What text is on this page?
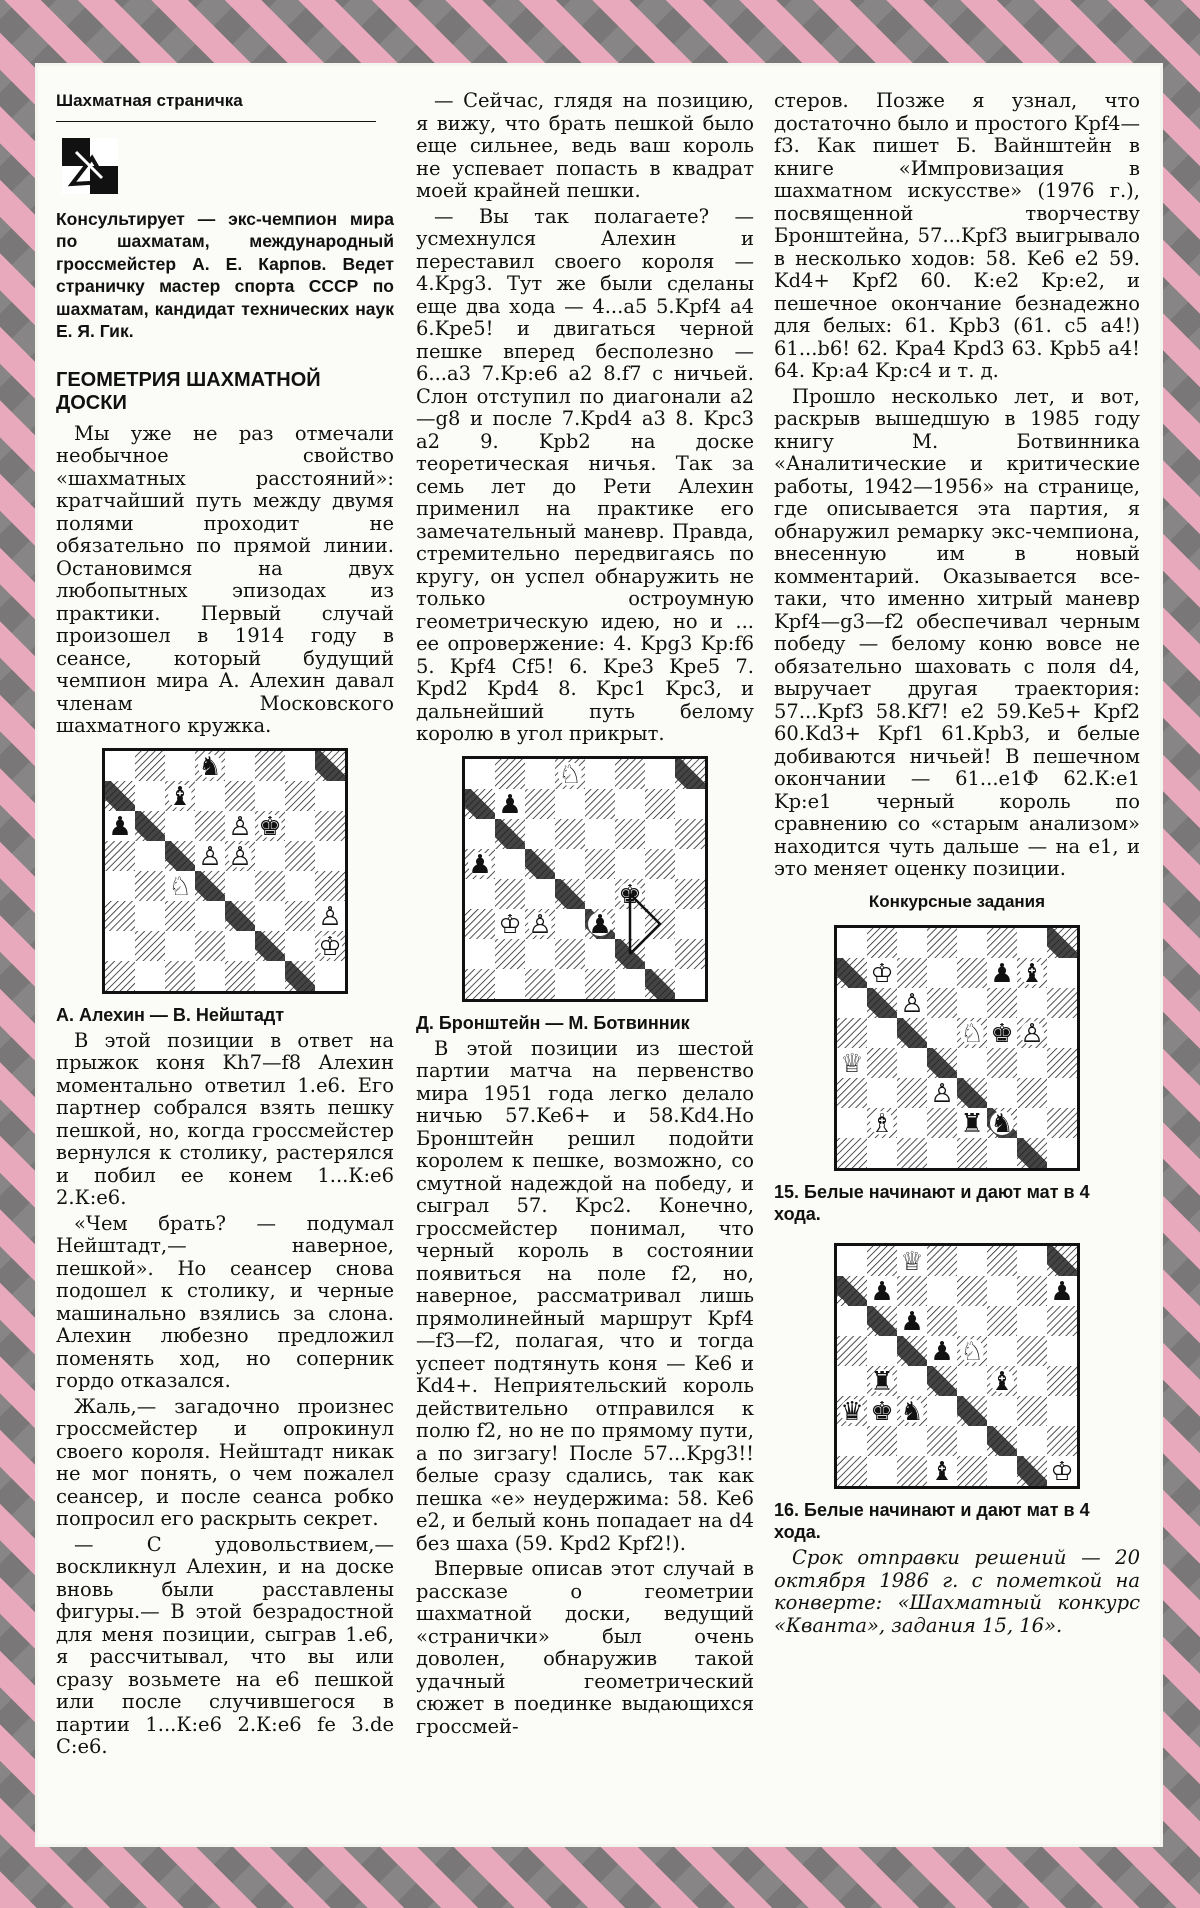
Шахматная страничка
Консультирует — экс-чемпион мира по шахматам, международный гроссмейстер А. Е. Карпов. Ведет страничку мастер спорта СССР по шахматам, кандидат технических наук Е. Я. Гик.
ГЕОМЕТРИЯ ШАХМАТНОЙ ДОСКИ

Мы уже не раз отмечали необычное свойство «шахматных расстояний»: кратчайший путь между двумя полями проходит не обязательно по прямой линии. Остановимся на двух любопытных эпизодах из практики. Первый случай произошел в 1914 году в сеансе, который будущий чемпион мира А. Алехин давал членам Московского шахматного кружка.

♞
♝
♙ ♚
♟
♙
♙
♘
♙
♔
А. Алехин — В. Нейштадт

В этой позиции в ответ на прыжок коня Kh7—f8 Алехин моментально ответил 1.e6. Его партнер собрался взять пешку пешкой, но, когда гроссмейстер вернулся к столику, растерялся и побил ее конем 1...К:е6 2.К:е6.

«Чем брать? — подумал Нейштадт,— наверное, пешкой». Но сеансер снова подошел к столику, и черные машинально взялись за слона. Алехин любезно предложил поменять ход, но соперник гордо отказался.

Жаль,— загадочно произнес гроссмейстер и опрокинул своего короля. Нейштадт никак не мог понять, о чем пожалел сеансер, и после сеанса робко попросил его раскрыть секрет.

— С удовольствием,— воскликнул Алехин, и на доске вновь были расставлены фигуры.— В этой безрадостной для меня позиции, сыграв 1.e6, я рассчитывал, что вы или сразу возьмете на e6 пешкой или после случившегося в партии 1...К:е6 2.К:е6 fe 3.de С:е6.

— Сейчас, глядя на позицию, я вижу, что брать пешкой было еще сильнее, ведь ваш король не успевает попасть в квадрат моей крайней пешки.

— Вы так полагаете? — усмехнулся Алехин и переставил своего короля — 4.Kpg3. Тут же были сделаны еще два хода — 4...a5 5.Kpf4 a4 6.Kpe5! и двигаться черной пешке вперед бесполезно — 6...a3 7.Kp:e6 a2 8.f7 с ничьей. Слон отступил по диагонали a2—g8 и после 7.Kpd4 a3 8. Kpc3 a2 9. Kpb2 на доске теоретическая ничья. Так за семь лет до Рети Алехин применил на практике его замечательный маневр. Правда, стремительно передвигаясь по кругу, он успел обнаружить не только остроумную геометрическую идею, но и ... ее опровержение: 4. Kpg3 Kp:f6 5. Kpf4 Cf5! 6. Kpe3 Kpe5 7. Kpd2 Kpd4 8. Kpc1 Kpc3, и дальнейший путь белому королю в угол прикрыт.

♘
♟
♟
♚
♔ ♙ ♟
Д. Бронштейн — М. Ботвинник

В этой позиции из шестой партии матча на первенство мира 1951 года легко делало ничью 57.Ke6+ и 58.Kd4.Но Бронштейн решил подойти королем к пешке, возможно, со смутной надеждой на победу, и сыграл 57. Kpc2. Конечно, гроссмейстер понимал, что черный король в состоянии появиться на поле f2, но, наверное, рассматривал лишь прямолинейный маршрут Kpf4—f3—f2, полагая, что и тогда успеет подтянуть коня — Ke6 и Kd4+. Неприятельский король действительно отправился к полю f2, но не по прямому пути, а по зигзагу! После 57...Kpg3!! белые сразу сдались, так как пешка «e» неудержима: 58. Ke6 e2, и белый конь попадает на d4 без шаха (59. Kpd2 Kpf2!).

Впервые описав этот случай в рассказе о геометрии шахматной доски, ведущий «странички» был очень доволен, обнаружив такой удачный геометрический сюжет в поединке выдающихся гроссмей-

стеров. Позже я узнал, что достаточно было и простого Kpf4—f3. Как пишет Б. Вайнштейн в книге «Импровизация в шахматном искусстве» (1976 г.), посвященной творчеству Бронштейна, 57...Kpf3 выигрывало в несколько ходов: 58. Ke6 e2 59. Kd4+ Kpf2 60. К:е2 Kp:e2, и пешечное окончание безнадежно для белых: 61. Kpb3 (61. c5 a4!) 61...b6! 62. Kpa4 Kpd3 63. Kpb5 a4! 64. Kp:a4 Kp:c4 и т. д.

Прошло несколько лет, и вот, раскрыв вышедшую в 1985 году книгу М. Ботвинника «Аналитические и критические работы, 1942—1956» на странице, где описывается эта партия, я обнаружил ремарку экс-чемпиона, внесенную им в новый комментарий. Оказывается все-таки, что именно хитрый маневр Kpf4—g3—f2 обеспечивал черным победу — белому коню вовсе не обязательно шаховать с поля d4, выручает другая траектория: 57...Kpf3 58.Kf7! e2 59.Ke5+ Kpf2 60.Kd3+ Kpf1 61.Kpb3, и белые добиваются ничьей! В пешечном окончании — 61...e1Ф 62.К:е1 Kp:e1 черный король по сравнению со «старым анализом» находится чуть дальше — на e1, и это меняет оценку позиции.

Конкурсные задания
♔	♝
♟
♙
♘ ♚ ♙
♕
♙
♗	♜ ♞
15. Белые начинают и дают мат в 4 хода.
♕
♟
♟
♟
♟ ♘
♜
♛ ♚ ♞
♝	♔
♝
16. Белые начинают и дают мат в 4 хода.

Срок отправки решений — 20 октября 1986 г. с пометкой на конверте: «Шахматный конкурс «Кванта», задания 15, 16».
